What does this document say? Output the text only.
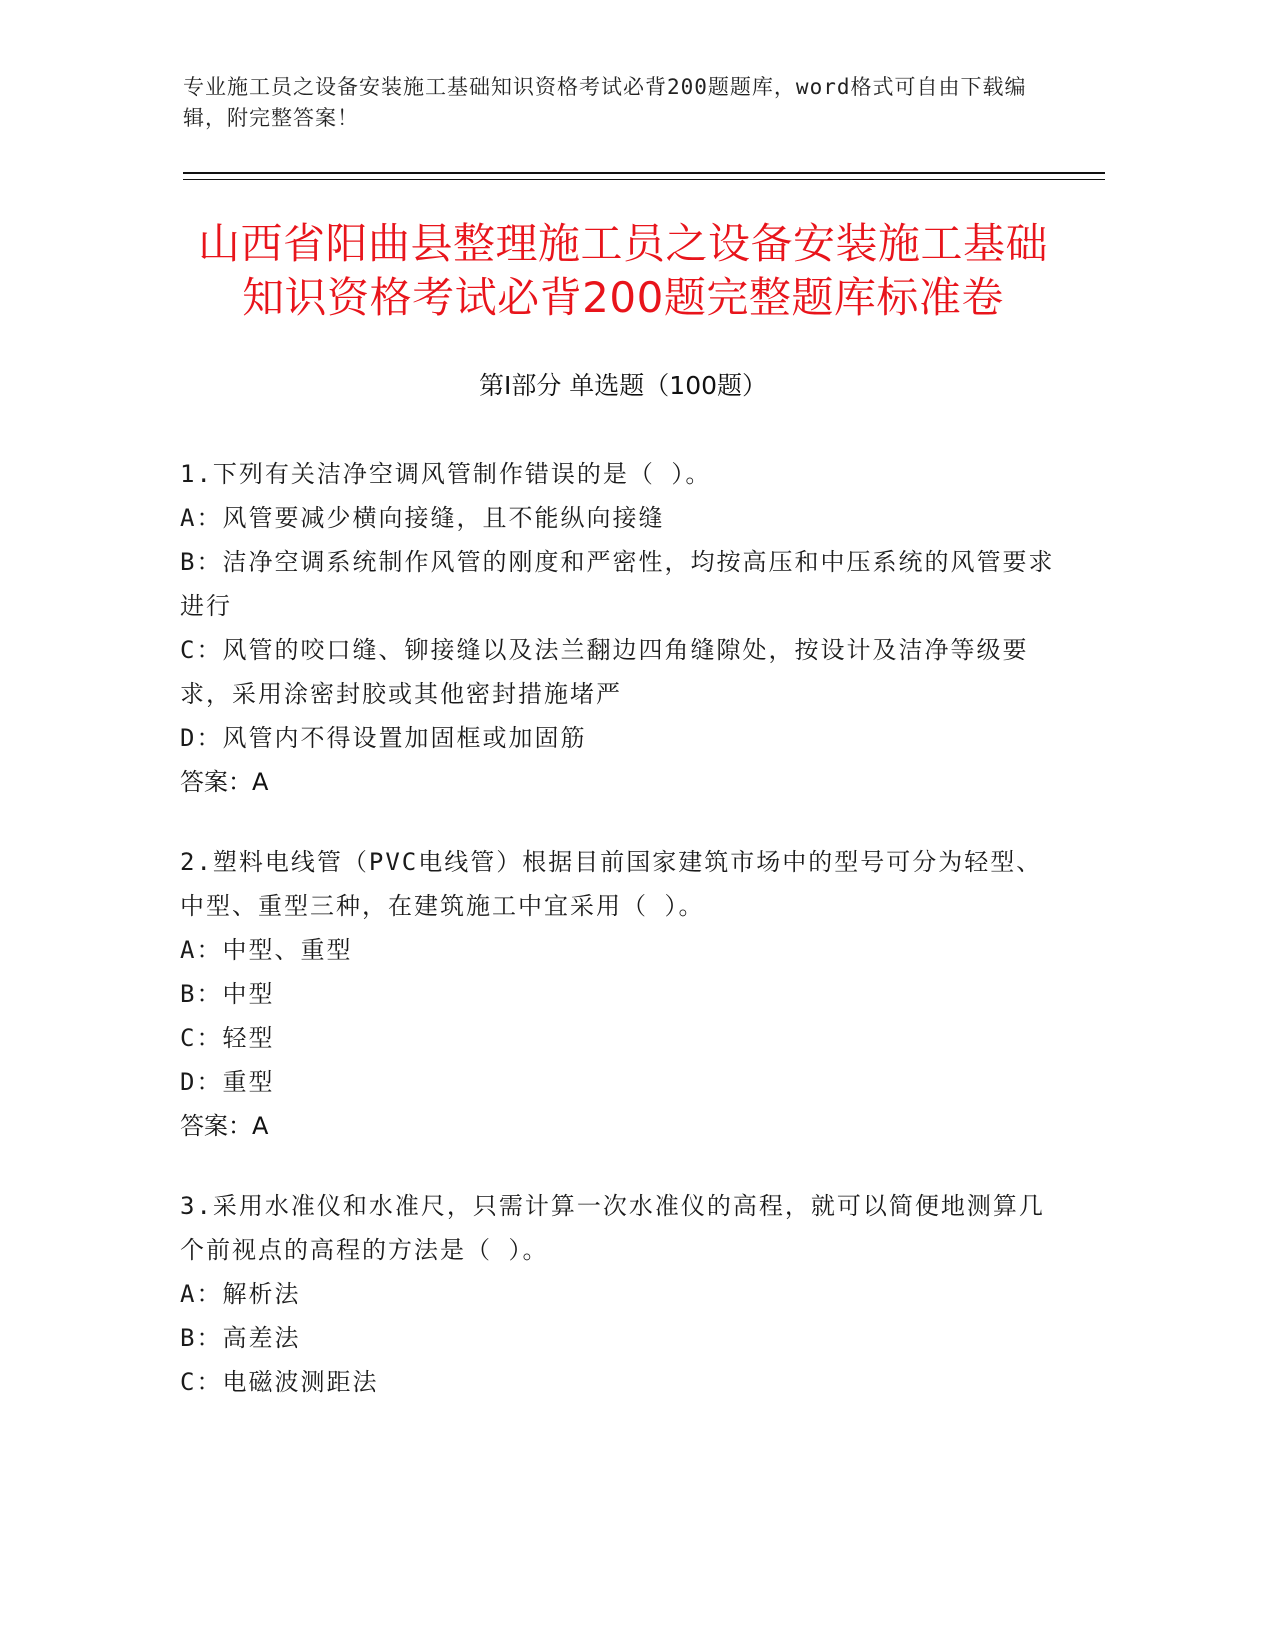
专业施工员之设备安装施工基础知识资格考试必背200题题库，word格式可自由下载编辑，附完整答案！
山西省阳曲县整理施工员之设备安装施工基础知识资格考试必背200题完整题库标准卷
第Ⅰ部分 单选题（100题）
1.下列有关洁净空调风管制作错误的是（ ）。
A：风管要减少横向接缝，且不能纵向接缝
B：洁净空调系统制作风管的刚度和严密性，均按高压和中压系统的风管要求进行
C：风管的咬口缝、铆接缝以及法兰翻边四角缝隙处，按设计及洁净等级要求，采用涂密封胶或其他密封措施堵严
D：风管内不得设置加固框或加固筋
答案：A
2.塑料电线管（PVC电线管）根据目前国家建筑市场中的型号可分为轻型、中型、重型三种，在建筑施工中宜采用（ ）。
A：中型、重型
B：中型
C：轻型
D：重型
答案：A
3.采用水准仪和水准尺，只需计算一次水准仪的高程，就可以简便地测算几个前视点的高程的方法是（ ）。
A：解析法
B：高差法
C：电磁波测距法
